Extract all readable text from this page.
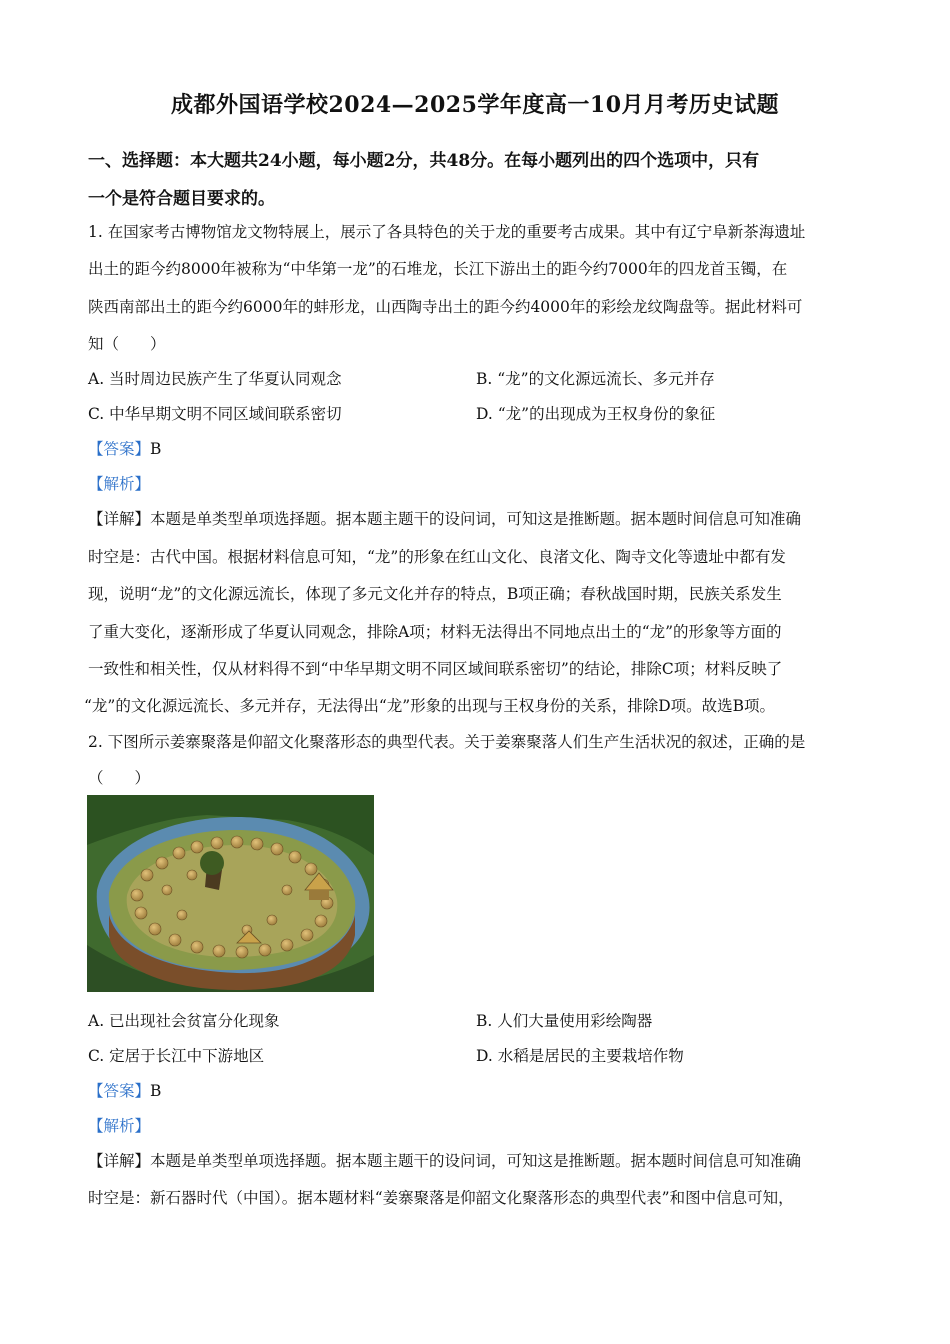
成都外国语学校2024—2025学年度高一10月月考历史试题
一、选择题：本大题共24小题，每小题2分，共48分。在每小题列出的四个选项中，只有
一个是符合题目要求的。
1. 在国家考古博物馆龙文物特展上，展示了各具特色的关于龙的重要考古成果。其中有辽宁阜新茶海遗址
出土的距今约8000年被称为“中华第一龙”的石堆龙，长江下游出土的距今约7000年的四龙首玉镯，在
陕西南部出土的距今约6000年的蚌形龙，山西陶寺出土的距今约4000年的彩绘龙纹陶盘等。据此材料可
知（　　）
A. 当时周边民族产生了华夏认同观念	B. “龙”的文化源远流长、多元并存
C. 中华早期文明不同区域间联系密切	D. “龙”的出现成为王权身份的象征
【答案】B
【解析】
【详解】本题是单类型单项选择题。据本题主题干的设问词，可知这是推断题。据本题时间信息可知准确
时空是：古代中国。根据材料信息可知，“龙”的形象在红山文化、良渚文化、陶寺文化等遗址中都有发
现，说明“龙”的文化源远流长，体现了多元文化并存的特点，B项正确；春秋战国时期，民族关系发生
了重大变化，逐渐形成了华夏认同观念，排除A项；材料无法得出不同地点出土的“龙”的形象等方面的
一致性和相关性，仅从材料得不到“中华早期文明不同区域间联系密切”的结论，排除C项；材料反映了
“龙”的文化源远流长、多元并存，无法得出“龙”形象的出现与王权身份的关系，排除D项。故选B项。
2. 下图所示姜寨聚落是仰韶文化聚落形态的典型代表。关于姜寨聚落人们生产生活状况的叙述，正确的是
（　　）
A. 已出现社会贫富分化现象	B. 人们大量使用彩绘陶器
C. 定居于长江中下游地区	D. 水稻是居民的主要栽培作物
【答案】B
【解析】
【详解】本题是单类型单项选择题。据本题主题干的设问词，可知这是推断题。据本题时间信息可知准确
时空是：新石器时代（中国）。据本题材料“姜寨聚落是仰韶文化聚落形态的典型代表”和图中信息可知，
